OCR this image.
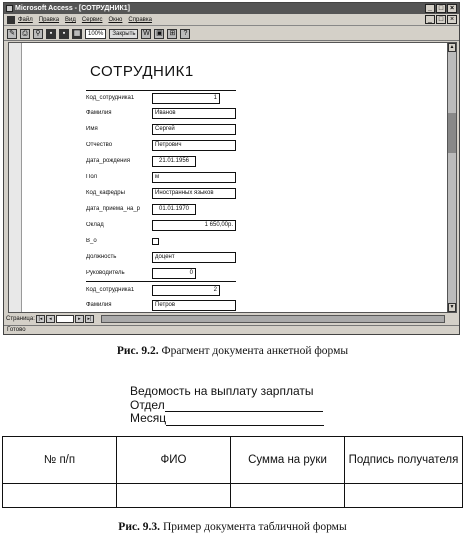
Microsoft Access - [СОТРУДНИК1]	_ □ ×
Файл Правка Вид Сервис Окно Справка	_ □ ×
✎	⎙	⚲	▪	▪	▦	100%	Закрыть	W ▣ ⊞	?
СОТРУДНИК1
Код_сотрудника1	1
Фамилия	Иванов
Имя	Сергей
Отчество	Петрович
Дата_рождения	21.01.1956
Пол	м
Код_кафедры	Иностранных языков
Дата_приема_на_р	01.01.1970
Оклад	1 650,00р.
В_о
Должность	доцент
Руководитель	0
Код_сотрудника1	2
Фамилия	Петров
▲
▼
Страница: |◂	◂	▸	▸|
Готово
Рис. 9.2. Фрагмент документа анкетной формы
Ведомость на выплату зарплаты
Отдел
Месяц
№ п/п	ФИО	Сумма на руки	Подпись получателя

Рис. 9.3. Пример документа табличной формы
